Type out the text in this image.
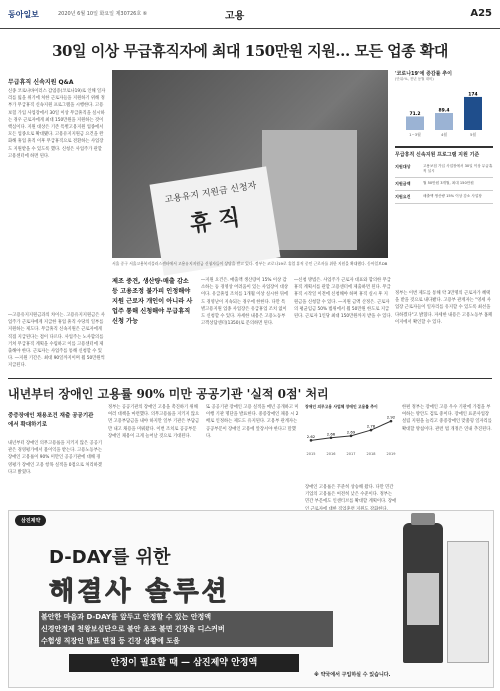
동아일보	2020년 6월 10일 화요일 제30726호 ⑥	고용	A25
30일 이상 무급휴직자에 최대 150만원 지원… 모든 업종 확대
무급휴직 신속지원 Q&A
신종 코로나바이러스 감염증(코로나19)로 인해 일자리를 잃을 위기에 처한 근로자들을 지원하기 위해 정부가 무급휴직 신속지원 프로그램을 시행한다. 고용보험 가입 사업장에서 30일 이상 무급휴직을 실시하는 경우 근로자에게 최대 150만원을 지원하는 것이 핵심이다. 지원 대상은 기존 특별고용지원 업종에서 모든 업종으로 확대됐다. 고용유지지원금 요건을 완화해 휴업 휴직 이후 무급휴직으로 전환하는 사업장도 지원받을 수 있도록 했다. 신청은 사업주가 관할 고용센터에 하면 된다.
―고용유지지원금과의 차이는. 고용유지지원금은 사업주가 근로자에게 지급한 휴업 휴직 수당의 일부를 지원하는 제도다. 무급휴직 신속지원은 근로자에게 직접 지급된다는 점이 다르다. 사업주는 노사합의를 거쳐 무급휴직 계획을 수립하고 이를 고용센터에 제출해야 한다. 근로자는 사업주를 통해 신청할 수 있다. ―지원 기간은. 최대 90일까지이며 월 50만원씩 지급된다.
고용유지 지원금 신청자
휴 직
서울 중구 서울고용복지플러스센터에서 고용유지지원금 신청자들이 상담을 받고 있다. 정부는 코로나19로 휴업 휴직 중인 근로자를 위한 지원을 확대했다. 동아일보DB
제조 중견, 생산량·매출 감소 등 고용조정 불가피 인정해야 지원 근로자 개인이 아니라 사업주 통해 신청해야 무급휴직 신청 가능
―지원 요건은. 매출액 생산량이 15% 이상 감소하는 등 경영상 어려움이 있는 사업장이 대상이다. 유급휴업 조치를 1개월 이상 실시한 뒤에도 경영난이 지속되는 경우에 한한다. 다만 특별고용지원 업종 사업장은 유급휴업 조치 없이도 신청할 수 있다. 자세한 내용은 고용노동부 고객상담센터(1350)로 문의하면 된다.
―신청 방법은. 사업주가 근로자 대표와 합의한 무급휴직 계획서를 관할 고용센터에 제출하면 된다. 무급휴직 시작일 이전에 신청해야 하며 휴직 실시 후 지원금을 신청할 수 있다. ―지원 금액 산정은. 근로자의 평균임금 50% 범위에서 월 50만원 한도로 지급된다. 근로자 1인당 최대 150만원까지 받을 수 있다.
'코로나19'에 증감률 추이
(단위:%, 전년 동월 대비)
71.2
1~3월
89.4
4월
174
5월
무급휴직 신속지원 프로그램 지원 기준
지원대상	고용보험 가입 사업장에서 30일 이상 무급휴직 실시
지원금액	월 50만원 3개월, 최대 150만원
지원요건	매출액 생산량 15% 이상 감소 사업장
정부는 이번 제도를 통해 약 3만명의 근로자가 혜택을 받을 것으로 내다봤다. 고용부 관계자는 "영세 사업장 근로자들이 일자리를 유지할 수 있도록 최선을 다하겠다"고 밝혔다. 자세한 내용은 고용노동부 홈페이지에서 확인할 수 있다.
내년부터 장애인 고용률 90% 미만 공공기관 '실적 0점' 처리
중증장애인 채용조건 재출 공공기관에서 확대하기로
내년부터 장애인 의무고용률을 지키지 않은 공공기관은 경영평가에서 불이익을 받는다. 고용노동부는 장애인 고용률이 90% 미만인 공공기관에 대해 경영평가 장애인 고용 항목 실적을 0점으로 처리하겠다고 밝혔다.
정부는 공공기관의 장애인 고용을 촉진하기 위해 여러 대책을 마련했다. 의무고용률을 지키지 않으면 고용부담금을 내야 하지만 일부 기관은 부담금만 내고 채용을 미뤄왔다. 이번 조치로 공공부문 장애인 채용이 크게 늘어날 것으로 기대된다.
또 공공기관 장애인 고용 실적을 매년 공개하고 미이행 기관 명단을 발표한다. 중증장애인 채용 시 2배로 인정하는 제도도 유지된다. 고용부 관계자는 공공부문이 장애인 고용에 앞장서야 한다고 말했다.
장애인 의무고용 사업체 장애인 고용률 추이
2.62
2015
2.66
2016
2.69
2017
2.78
2018
2.92
2019
장애인 고용률은 꾸준히 상승해 왔다. 다만 민간기업의 고용률은 여전히 낮은 수준이다. 정부는 민간 부문에도 인센티브를 확대할 계획이다. 장애
한편 정부는 장애인 고용 우수 기관에 가점을 부여하는 방안도 검토 중이다. 장애인 표준사업장 설립 지원을 늘리고 중증장애인 맞춤형 일자리를 확대할 방침이다. 관련 법 개정은 연내 추진된다.
삼진제약
D-DAY를 위한
해결사 솔루션
불안한 마음과 D-DAY를 앞두고 안정할 수 있는 안정액
신경안정제 천왕보심단으로 불안 초조 불면 긴장을 디스커버
수험생 직장인 발표 면접 등 긴장 상황에 도움
안정이 필요할 때 — 삼진제약 안정액
※ 약국에서 구입하실 수 있습니다.
